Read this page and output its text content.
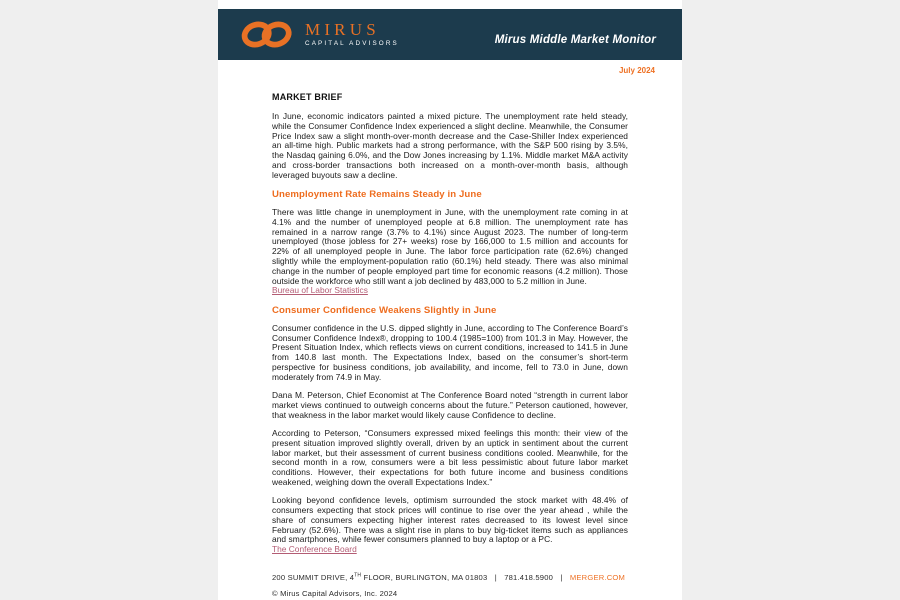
MIRUS
CAPITAL ADVISORS	Mirus Middle Market Monitor
July 2024
MARKET BRIEF

In June, economic indicators painted a mixed picture. The unemployment rate held steady, while the Consumer Confidence Index experienced a slight decline. Meanwhile, the Consumer Price Index saw a slight month-over-month decrease and the Case-Shiller Index experienced an all-time high. Public markets had a strong performance, with the S&P 500 rising by 3.5%, the Nasdaq gaining 6.0%, and the Dow Jones increasing by 1.1%. Middle market M&A activity and cross-border transactions both increased on a month-over-month basis, although leveraged buyouts saw a decline.

Unemployment Rate Remains Steady in June

There was little change in unemployment in June, with the unemployment rate coming in at 4.1% and the number of unemployed people at 6.8 million. The unemployment rate has remained in a narrow range (3.7% to 4.1%) since August 2023. The number of long-term unemployed (those jobless for 27+ weeks) rose by 166,000 to 1.5 million and accounts for 22% of all unemployed people in June. The labor force participation rate (62.6%) changed slightly while the employment-population ratio (60.1%) held steady. There was also minimal change in the number of people employed part time for economic reasons (4.2 million). Those outside the workforce who still want a job declined by 483,000 to 5.2 million in June.

Bureau of Labor Statistics
Consumer Confidence Weakens Slightly in June

Consumer confidence in the U.S. dipped slightly in June, according to The Conference Board’s Consumer Confidence Index®, dropping to 100.4 (1985=100) from 101.3 in May. However, the Present Situation Index, which reflects views on current conditions, increased to 141.5 in June from 140.8 last month. The Expectations Index, based on the consumer’s short-term perspective for business conditions, job availability, and income, fell to 73.0 in June, down moderately from 74.9 in May.

Dana M. Peterson, Chief Economist at The Conference Board noted “strength in current labor market views continued to outweigh concerns about the future.” Peterson cautioned, however, that weakness in the labor market would likely cause Confidence to decline.

According to Peterson, “Consumers expressed mixed feelings this month: their view of the present situation improved slightly overall, driven by an uptick in sentiment about the current labor market, but their assessment of current business conditions cooled. Meanwhile, for the second month in a row, consumers were a bit less pessimistic about future labor market conditions. However, their expectations for both future income and business conditions weakened, weighing down the overall Expectations Index.”

Looking beyond confidence levels, optimism surrounded the stock market with 48.4% of consumers expecting that stock prices will continue to rise over the year ahead , while the share of consumers expecting higher interest rates decreased to its lowest level since February (52.6%). There was a slight rise in plans to buy big-ticket items such as appliances and smartphones, while fewer consumers planned to buy a laptop or a PC.

The Conference Board
200 SUMMIT DRIVE, 4TH FLOOR, BURLINGTON, MA 01803 | 781.418.5900 | MERGER.COM
© Mirus Capital Advisors, Inc. 2024
